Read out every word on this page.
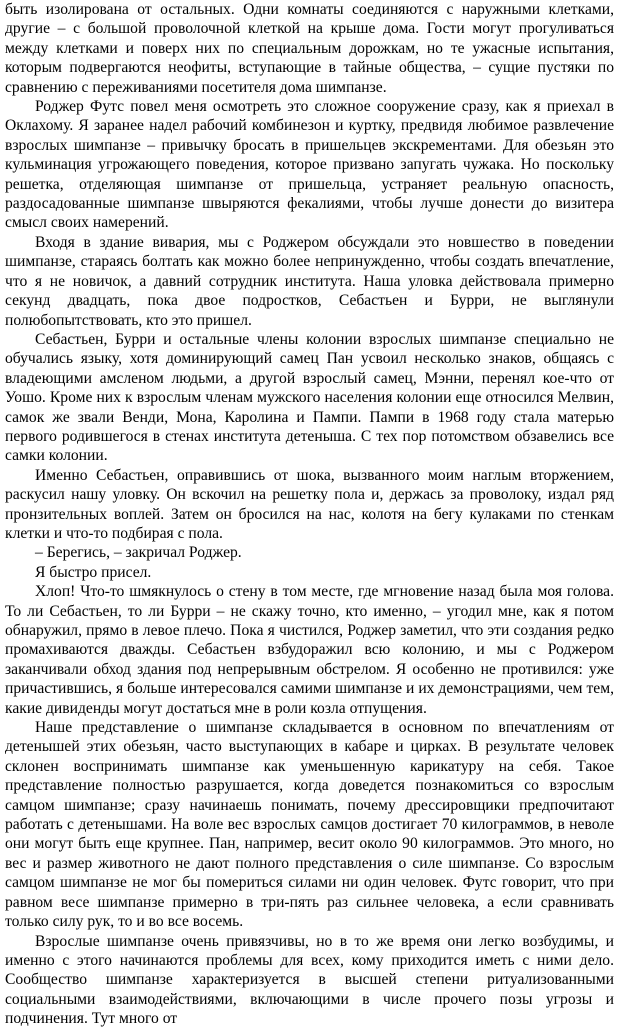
быть изолирована от остальных. Одни комнаты соединяются с наружными клетками, другие – с большой проволочной клеткой на крыше дома. Гости могут прогуливаться между клетками и поверх них по специальным дорожкам, но те ужасные испытания, которым подвергаются неофиты, вступающие в тайные общества, – сущие пустяки по сравнению с переживаниями посетителя дома шимпанзе.

Роджер Футс повел меня осмотреть это сложное сооружение сразу, как я приехал в Оклахому. Я заранее надел рабочий комбинезон и куртку, предвидя любимое развлечение взрослых шимпанзе – привычку бросать в пришельцев экскрементами. Для обезьян это кульминация угрожающего поведения, которое призвано запугать чужака. Но поскольку решетка, отделяющая шимпанзе от пришельца, устраняет реальную опасность, раздосадованные шимпанзе швыряются фекалиями, чтобы лучше донести до визитера смысл своих намерений.

Входя в здание вивария, мы с Роджером обсуждали это новшество в поведении шимпанзе, стараясь болтать как можно более непринужденно, чтобы создать впечатление, что я не новичок, а давний сотрудник института. Наша уловка действовала примерно секунд двадцать, пока двое подростков, Себастьен и Бурри, не выглянули полюбопытствовать, кто это пришел.

Себастьен, Бурри и остальные члены колонии взрослых шимпанзе специально не обучались языку, хотя доминирующий самец Пан усвоил несколько знаков, общаясь с владеющими амсленом людьми, а другой взрослый самец, Мэнни, перенял кое-что от Уошо. Кроме них к взрослым членам мужского населения колонии еще относился Мелвин, самок же звали Венди, Мона, Каролина и Пампи. Пампи в 1968 году стала матерью первого родившегося в стенах института детеныша. С тех пор потомством обзавелись все самки колонии.

Именно Себастьен, оправившись от шока, вызванного моим наглым вторжением, раскусил нашу уловку. Он вскочил на решетку пола и, держась за проволоку, издал ряд пронзительных воплей. Затем он бросился на нас, колотя на бегу кулаками по стенкам клетки и что-то подбирая с пола.

– Берегись, – закричал Роджер.

Я быстро присел.

Хлоп! Что-то шмякнулось о стену в том месте, где мгновение назад была моя голова. То ли Себастьен, то ли Бурри – не скажу точно, кто именно, – угодил мне, как я потом обнаружил, прямо в левое плечо. Пока я чистился, Роджер заметил, что эти создания редко промахиваются дважды. Себастьен взбудоражил всю колонию, и мы с Роджером заканчивали обход здания под непрерывным обстрелом. Я особенно не противился: уже причастившись, я больше интересовался самими шимпанзе и их демонстрациями, чем тем, какие дивиденды могут достаться мне в роли козла отпущения.

Наше представление о шимпанзе складывается в основном по впечатлениям от детенышей этих обезьян, часто выступающих в кабаре и цирках. В результате человек склонен воспринимать шимпанзе как уменьшенную карикатуру на себя. Такое представление полностью разрушается, когда доведется познакомиться со взрослым самцом шимпанзе; сразу начинаешь понимать, почему дрессировщики предпочитают работать с детенышами. На воле вес взрослых самцов достигает 70 килограммов, в неволе они могут быть еще крупнее. Пан, например, весит около 90 килограммов. Это много, но вес и размер животного не дают полного представления о силе шимпанзе. Со взрослым самцом шимпанзе не мог бы помериться силами ни один человек. Футс говорит, что при равном весе шимпанзе примерно в три-пять раз сильнее человека, а если сравнивать только силу рук, то и во все восемь.

Взрослые шимпанзе очень привязчивы, но в то же время они легко возбудимы, и именно с этого начинаются проблемы для всех, кому приходится иметь с ними дело. Сообщество шимпанзе характеризуется в высшей степени ритуализованными социальными взаимодействиями, включающими в числе прочего позы угрозы и подчинения. Тут много от
